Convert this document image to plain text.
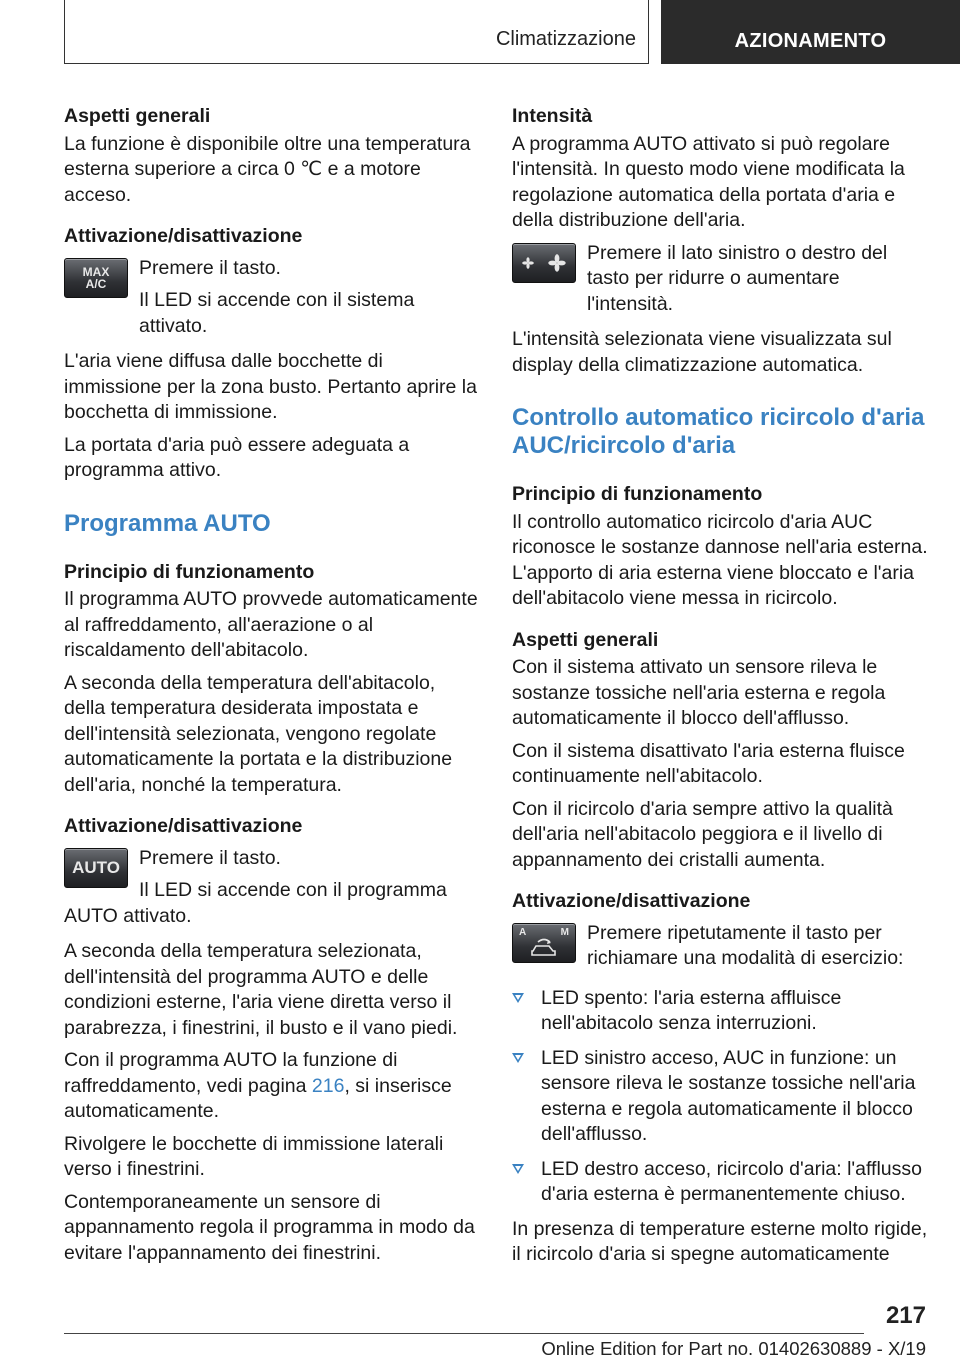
Climatizzazione	AZIONAMENTO
Aspetti generali

La funzione è disponibile oltre una temperatura esterna superiore a circa 0 ℃ e a motore acceso.

Attivazione/disattivazione
MAX
A/C

Premere il tasto.

Il LED si accende con il sistema attivato.

L'aria viene diffusa dalle bocchette di immissione per la zona busto. Pertanto aprire la bocchetta di immissione.

La portata d'aria può essere adeguata a programma attivo.

Programma AUTO
Principio di funzionamento

Il programma AUTO provvede automaticamente al raffreddamento, all'aerazione o al riscaldamento dell'abitacolo.

A seconda della temperatura dell'abitacolo, della temperatura desiderata impostata e dell'intensità selezionata, vengono regolate automaticamente la portata e la distribuzione dell'aria, nonché la temperatura.

Attivazione/disattivazione
AUTO Premere il tasto.

Il LED si accende con il programma
AUTO attivato.

A seconda della temperatura selezionata, dell'intensità del programma AUTO e delle condizioni esterne, l'aria viene diretta verso il parabrezza, i finestrini, il busto e il vano piedi.

Con il programma AUTO la funzione di raffreddamento, vedi pagina 216, si inserisce automaticamente.

Rivolgere le bocchette di immissione laterali verso i finestrini.

Contemporaneamente un sensore di appannamento regola il programma in modo da evitare l'appannamento dei finestrini.

Intensità

A programma AUTO attivato si può regolare l'intensità. In questo modo viene modificata la regolazione automatica della portata d'aria e della distribuzione dell'aria.

Premere il lato sinistro o destro del tasto per ridurre o aumentare l'intensità.

L'intensità selezionata viene visualizzata sul display della climatizzazione automatica.

Controllo automatico ricircolo d'aria AUC/ricircolo d'aria
Principio di funzionamento

Il controllo automatico ricircolo d'aria AUC riconosce le sostanze dannose nell'aria esterna. L'apporto di aria esterna viene bloccato e l'aria dell'abitacolo viene messa in ricircolo.

Aspetti generali

Con il sistema attivato un sensore rileva le sostanze tossiche nell'aria esterna e regola automaticamente il blocco dell'afflusso.

Con il sistema disattivato l'aria esterna fluisce continuamente nell'abitacolo.

Con il ricircolo d'aria sempre attivo la qualità dell'aria nell'abitacolo peggiora e il livello di appannamento dei cristalli aumenta.

Attivazione/disattivazione
A	M Premere ripetutamente il tasto per richiamare una modalità di esercizio:

LED spento: l'aria esterna affluisce nell'abitacolo senza interruzioni.
LED sinistro acceso, AUC in funzione: un sensore rileva le sostanze tossiche nell'aria esterna e regola automaticamente il blocco dell'afflusso.
LED destro acceso, ricircolo d'aria: l'afflusso d'aria esterna è permanentemente chiuso.

In presenza di temperature esterne molto rigide, il ricircolo d'aria si spegne automaticamente

217
Online Edition for Part no. 01402630889 - X/19
